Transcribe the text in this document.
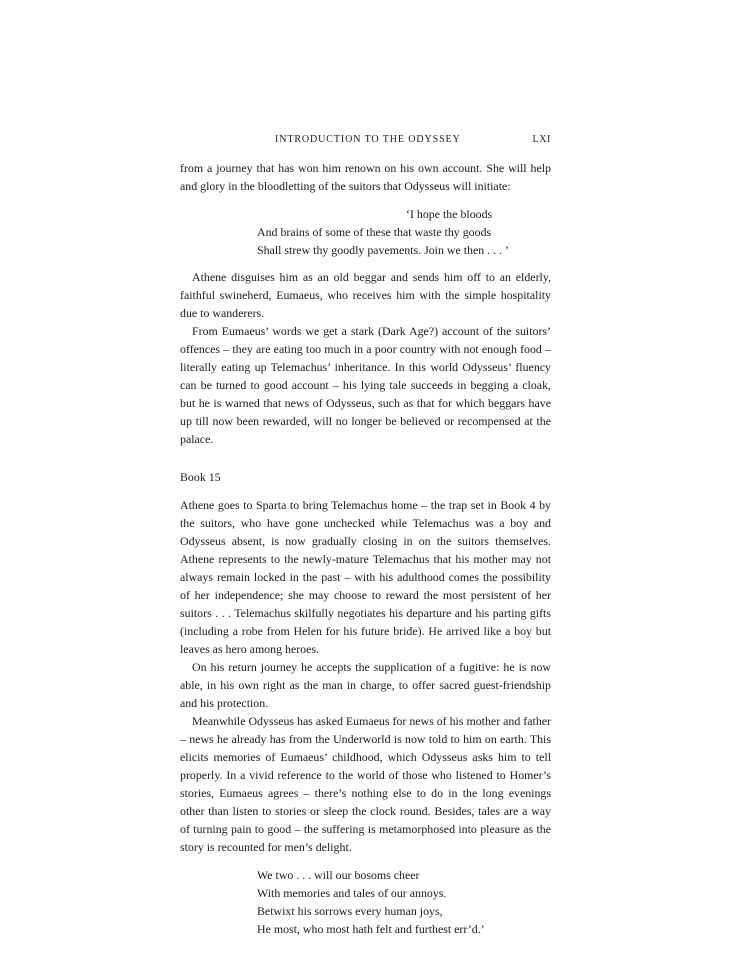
INTRODUCTION TO THE ODYSSEY	LXI

from a journey that has won him renown on his own account. She will help and glory in the bloodletting of the suitors that Odysseus will initiate:

‘I hope the bloods
And brains of some of these that waste thy goods
Shall strew thy goodly pavements. Join we then . . . ’

Athene disguises him as an old beggar and sends him off to an elderly, faithful swineherd, Eumaeus, who receives him with the simple hospitality due to wanderers.

From Eumaeus’ words we get a stark (Dark Age?) account of the suitors’ offences – they are eating too much in a poor country with not enough food – literally eating up Telemachus’ inheritance. In this world Odysseus’ fluency can be turned to good account – his lying tale succeeds in begging a cloak, but he is warned that news of Odysseus, such as that for which beggars have up till now been rewarded, will no longer be believed or recompensed at the palace.

Book 15

Athene goes to Sparta to bring Telemachus home – the trap set in Book 4 by the suitors, who have gone unchecked while Telemachus was a boy and Odysseus absent, is now gradually closing in on the suitors themselves. Athene represents to the newly-mature Telemachus that his mother may not always remain locked in the past – with his adulthood comes the possibility of her independence; she may choose to reward the most persistent of her suitors . . . Telemachus skilfully negotiates his departure and his parting gifts (including a robe from Helen for his future bride). He arrived like a boy but leaves as hero among heroes.

On his return journey he accepts the supplication of a fugitive: he is now able, in his own right as the man in charge, to offer sacred guest-friendship and his protection.

Meanwhile Odysseus has asked Eumaeus for news of his mother and father – news he already has from the Underworld is now told to him on earth. This elicits memories of Eumaeus’ childhood, which Odysseus asks him to tell properly. In a vivid reference to the world of those who listened to Homer’s stories, Eumaeus agrees – there’s nothing else to do in the long evenings other than listen to stories or sleep the clock round. Besides, tales are a way of turning pain to good – the suffering is metamorphosed into pleasure as the story is recounted for men’s delight.

We two . . . will our bosoms cheer
With memories and tales of our annoys.
Betwixt his sorrows every human joys,
He most, who most hath felt and furthest err’d.’
